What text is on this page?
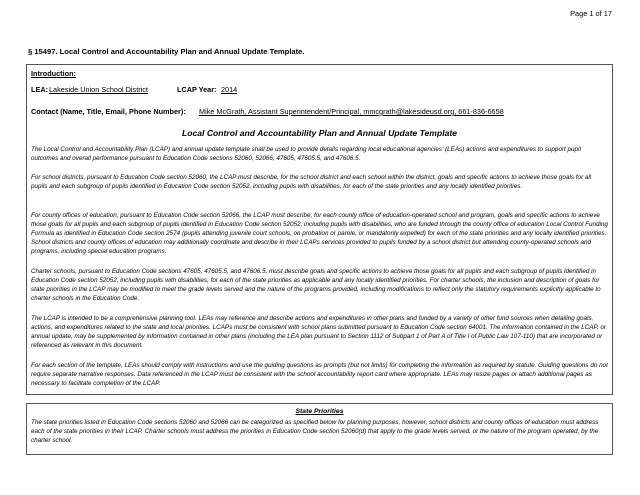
Page 1 of 17
§ 15497. Local Control and Accountability Plan and Annual Update Template.
Introduction:
LEA: Lakeside Union School District	LCAP Year: 2014
Contact (Name, Title, Email, Phone Number): Mike McGrath, Assistant Superintendent/Principal, mmcgrath@lakesideusd.org, 661-836-6658
Local Control and Accountability Plan and Annual Update Template
The Local Control and Accountability Plan (LCAP) and annual update template shall be used to provide details regarding local educational agencies' (LEAs) actions and expenditures to support pupil outcomes and overall performance pursuant to Education Code sections 52060, 52066, 47605, 47605.5, and 47606.5.
For school districts, pursuant to Education Code section 52060, the LCAP must describe, for the school district and each school within the district, goals and specific actions to achieve those goals for all pupils and each subgroup of pupils identified in Education Code section 52052, including pupils with disabilities, for each of the state priorities and any locally identified priorities.
For county offices of education, pursuant to Education Code section 52066, the LCAP must describe, for each county office of education-operated school and program, goals and specific actions to achieve those goals for all pupils and each subgroup of pupils identified in Education Code section 52052, including pupils with disabilities, who are funded through the county office of education Local Control Funding Formula as identified in Education Code section 2574 (pupils attending juvenile court schools, on probation or parole, or mandatorily expelled) for each of the state priorities and any locally identified priorities. School districts and county offices of education may additionally coordinate and describe in their LCAPs services provided to pupils funded by a school district but attending county-operated schools and programs, including special education programs.
Charter schools, pursuant to Education Code sections 47605, 47605.5, and 47606.5, must describe goals and specific actions to achieve those goals for all pupils and each subgroup of pupils identified in Education Code section 52052, including pupils with disabilities, for each of the state priorities as applicable and any locally identified priorities. For charter schools, the inclusion and description of goals for state priorities in the LCAP may be modified to meet the grade levels served and the nature of the programs provided, including modifications to reflect only the statutory requirements explicitly applicable to charter schools in the Education Code.
The LCAP is intended to be a comprehensive planning tool. LEAs may reference and describe actions and expenditures in other plans and funded by a variety of other fund sources when detailing goals, actions, and expenditures related to the state and local priorities. LCAPs must be consistent with school plans submitted pursuant to Education Code section 64001. The information contained in the LCAP, or annual update, may be supplemented by information contained in other plans (including the LEA plan pursuant to Section 1112 of Subpart 1 of Part A of Title I of Public Law 107-110) that are incorporated or referenced as relevant in this document.
For each section of the template, LEAs should comply with instructions and use the guiding questions as prompts (but not limits) for completing the information as required by statute. Guiding questions do not require separate narrative responses. Data referenced in the LCAP must be consistent with the school accountability report card where appropriate. LEAs may resize pages or attach additional pages as necessary to facilitate completion of the LCAP.
State Priorities
The state priorities listed in Education Code sections 52060 and 52066 can be categorized as specified below for planning purposes, however, school districts and county offices of education must address each of the state priorities in their LCAP. Charter schools must address the priorities in Education Code section 52060(d) that apply to the grade levels served, or the nature of the program operated, by the charter school.
